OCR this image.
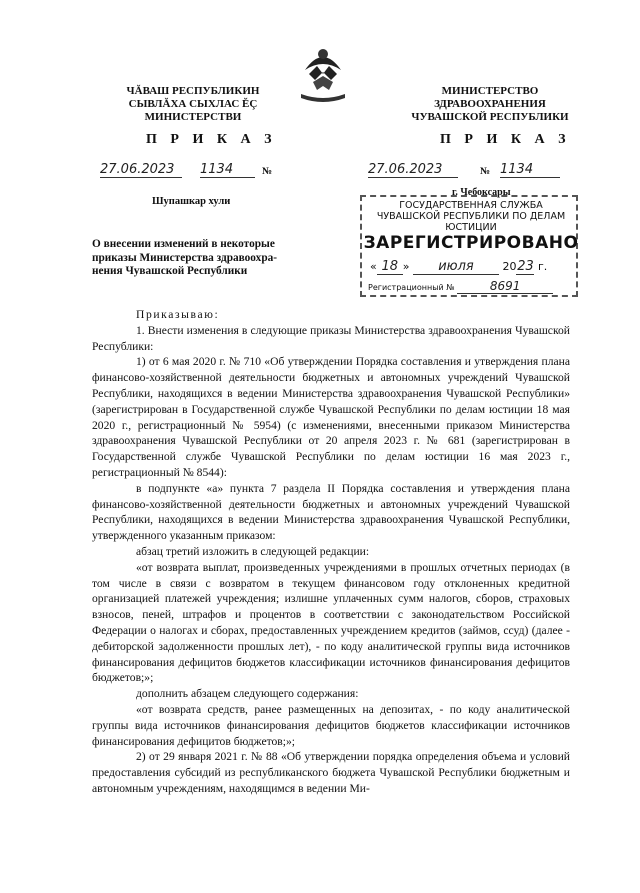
ЧĂВАШ РЕСПУБЛИКИН
СЫВЛĂХА СЫХЛАС ĔÇ
МИНИСТЕРСТВИ
МИНИСТЕРСТВО
ЗДРАВООХРАНЕНИЯ
ЧУВАШСКОЙ РЕСПУБЛИКИ
П Р И К А З	П Р И К А З
27.06.2023	1134	№	27.06.2023	№ 1134
Шупашкар хули
г. Чебоксары
О внесении изменений в некоторые
приказы Министерства здравоохра-
нения Чувашской Республики
ГОСУДАРСТВЕННАЯ СЛУЖБА ЧУВАШСКОЙ РЕСПУБЛИКИ ПО ДЕЛАМ ЮСТИЦИИ
ЗАРЕГИСТРИРОВАНО
« 18 » июля	2023 г.
Регистрационный №	8691

Приказываю:

1. Внести изменения в следующие приказы Министерства здравоохранения Чувашской Республики:

1) от 6 мая 2020 г. № 710 «Об утверждении Порядка составления и утверждения плана финансово-хозяйственной деятельности бюджетных и автономных учреждений Чувашской Республики, находящихся в ведении Министерства здравоохранения Чувашской Республики» (зарегистрирован в Государственной службе Чувашской Республики по делам юстиции 18 мая 2020 г., регистрационный № 5954) (с изменениями, внесенными приказом Министерства здравоохранения Чувашской Республики от 20 апреля 2023 г. № 681 (зарегистрирован в Государственной службе Чувашской Республики по делам юстиции 16 мая 2023 г., регистрационный № 8544):

в подпункте «а» пункта 7 раздела II Порядка составления и утверждения плана финансово-хозяйственной деятельности бюджетных и автономных учреждений Чувашской Республики, находящихся в ведении Министерства здравоохранения Чувашской Республики, утвержденного указанным приказом:

абзац третий изложить в следующей редакции:

«от возврата выплат, произведенных учреждениями в прошлых отчетных периодах (в том числе в связи с возвратом в текущем финансовом году отклоненных кредитной организацией платежей учреждения; излишне уплаченных сумм налогов, сборов, страховых взносов, пеней, штрафов и процентов в соответствии с законодательством Российской Федерации о налогах и сборах, предоставленных учреждением кредитов (займов, ссуд) (далее - дебиторской задолженности прошлых лет), - по коду аналитической группы вида источников финансирования дефицитов бюджетов классификации источников финансирования дефицитов бюджетов;»;

дополнить абзацем следующего содержания:

«от возврата средств, ранее размещенных на депозитах, - по коду аналитической группы вида источников финансирования дефицитов бюджетов классификации источников финансирования дефицитов бюджетов;»;

2) от 29 января 2021 г. № 88 «Об утверждении порядка определения объема и условий предоставления субсидий из республиканского бюджета Чувашской Республики бюджетным и автономным учреждениям, находящимся в ведении Ми-
